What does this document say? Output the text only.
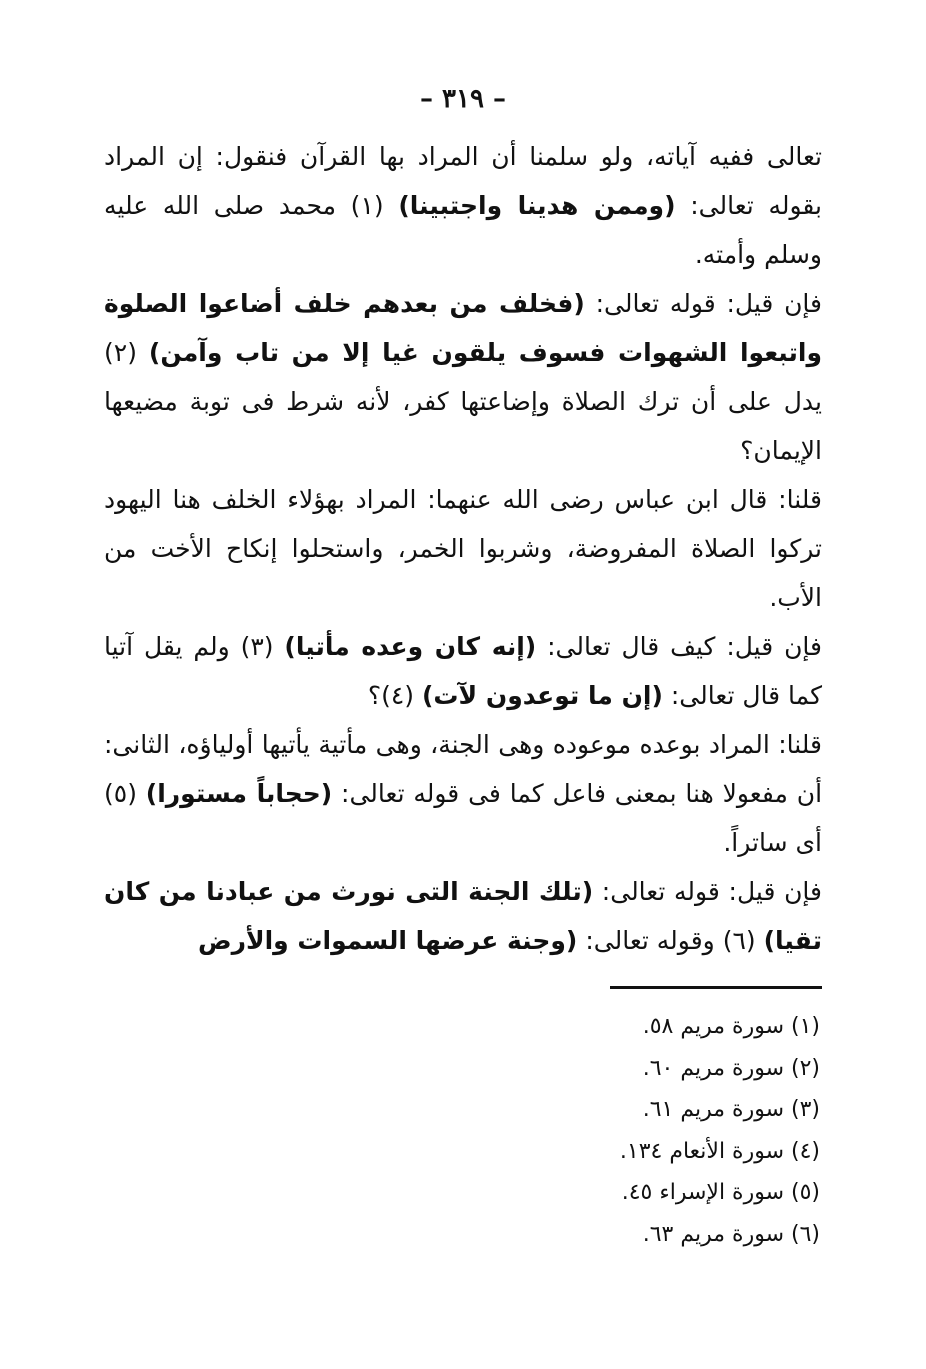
– ٣١٩ –

تعالى ففيه آياته، ولو سلمنا أن المراد بها القرآن فنقول: إن المراد بقوله تعالى: (وممن هدينا واجتبينا) (١) محمد صلى الله عليه وسلم وأمته.

فإن قيل: قوله تعالى: (فخلف من بعدهم خلف أضاعوا الصلوة واتبعوا الشهوات فسوف يلقون غيا إلا من تاب وآمن) (٢) يدل على أن ترك الصلاة وإضاعتها كفر، لأنه شرط فى توبة مضيعها الإيمان؟

قلنا: قال ابن عباس رضى الله عنهما: المراد بهؤلاء الخلف هنا اليهود تركوا الصلاة المفروضة، وشربوا الخمر، واستحلوا إنكاح الأخت من الأب.

فإن قيل: كيف قال تعالى: (إنه كان وعده مأتيا) (٣) ولم يقل آتيا كما قال تعالى: (إن ما توعدون لآت) (٤)؟

قلنا: المراد بوعده موعوده وهى الجنة، وهى مأتية يأتيها أولياؤه، الثانى: أن مفعولا هنا بمعنى فاعل كما فى قوله تعالى: (حجاباً مستورا) (٥) أى ساتراً.

فإن قيل: قوله تعالى: (تلك الجنة التى نورث من عبادنا من كان تقيا) (٦) وقوله تعالى: (وجنة عرضها السموات والأرض

(١) سورة مريم ٥٨.
(٢) سورة مريم ٦٠.
(٣) سورة مريم ٦١.
(٤) سورة الأنعام ١٣٤.
(٥) سورة الإسراء ٤٥.
(٦) سورة مريم ٦٣.
